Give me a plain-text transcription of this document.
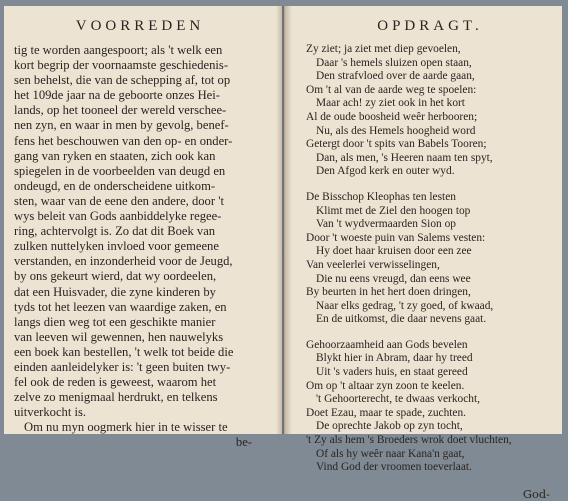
VOORREDEN
tig te worden aangespoort; als 't welk een
kort begrip der voornaamste geschiedenis-
sen behelst, die van de schepping af, tot op
het 109de jaar na de geboorte onzes Hei-
lands, op het tooneel der wereld verschee-
nen zyn, en waar in men by gevolg, benef-
fens het beschouwen van den op- en onder-
gang van ryken en staaten, zich ook kan
spiegelen in de voorbeelden van deugd en
ondeugd, en de onderscheidene uitkom-
sten, waar van de eene den andere, door 't
wys beleit van Gods aanbiddelyke regee-
ring, achtervolgt is. Zo dat dit Boek van
zulken nuttelyken invloed voor gemeene
verstanden, en inzonderheid voor de Jeugd,
by ons gekeurt wierd, dat wy oordeelen,
dat een Huisvader, die zyne kinderen by
tyds tot het leezen van waardige zaken, en
langs dien weg tot een geschikte manier
van leeven wil gewennen, hen nauwelyks
een boek kan bestellen, 't welk tot beide die
einden aanleidelyker is: 't geen buiten twy-
fel ook de reden is geweest, waarom het
zelve zo menigmaal herdrukt, en telkens
uitverkocht is.
Om nu myn oogmerk hier in te wisser te
be-
OPDRAGT.
Zy ziet; ja ziet met diep gevoelen,
Daar 's hemels sluizen open staan,
Den strafvloed over de aarde gaan,
Om 't al van de aarde weg te spoelen:
Maar ach! zy ziet ook in het kort
Al de oude boosheid weêr herbooren;
Nu, als des Hemels hoogheid word
Getergt door 't spits van Babels Tooren;
Dan, als men, 's Heeren naam ten spyt,
Den Afgod kerk en outer wyd.
De Bisschop Kleophas ten lesten
Klimt met de Ziel den hoogen top
Van 't wydvermaarden Sion op
Door 't woeste puin van Salems vesten:
Hy doet haar kruisen door een zee
Van veelerlei verwisselingen,
Die nu eens vreugd, dan eens wee
By beurten in het hert doen dringen,
Naar elks gedrag, 't zy goed, of kwaad,
En de uitkomst, die daar nevens gaat.
Gehoorzaamheid aan Gods bevelen
Blykt hier in Abram, daar hy treed
Uit 's vaders huis, en staat gereed
Om op 't altaar zyn zoon te keelen.
't Gehoorterecht, te dwaas verkocht,
Doet Ezau, maar te spade, zuchten.
De oprechte Jakob op zyn tocht,
't Zy als hem 's Broeders wrok doet vluchten,
Of als hy weêr naar Kana'n gaat,
Vind God der vroomen toeverlaat.
God-
